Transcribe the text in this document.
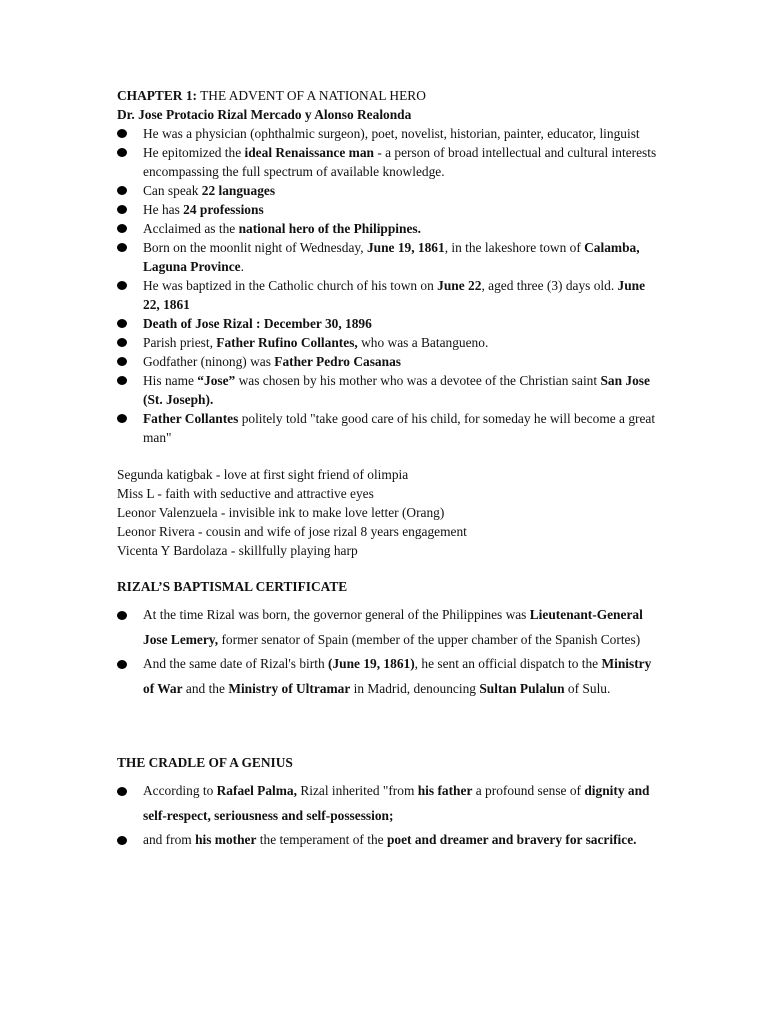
CHAPTER 1: THE ADVENT OF A NATIONAL HERO

Dr. Jose Protacio Rizal Mercado y Alonso Realonda

He was a physician (ophthalmic surgeon), poet, novelist, historian, painter, educator, linguist
He epitomized the ideal Renaissance man - a person of broad intellectual and cultural interests encompassing the full spectrum of available knowledge.
Can speak 22 languages
He has 24 professions
Acclaimed as the national hero of the Philippines.
Born on the moonlit night of Wednesday, June 19, 1861, in the lakeshore town of Calamba, Laguna Province.
He was baptized in the Catholic church of his town on June 22, aged three (3) days old. June 22, 1861
Death of Jose Rizal : December 30, 1896
Parish priest, Father Rufino Collantes, who was a Batangueno.
Godfather (ninong) was Father Pedro Casanas
His name “Jose” was chosen by his mother who was a devotee of the Christian saint San Jose (St. Joseph).
Father Collantes politely told "take good care of his child, for someday he will become a great man"

Segunda katigbak - love at first sight friend of olimpia

Miss L - faith with seductive and attractive eyes

Leonor Valenzuela - invisible ink to make love letter (Orang)

Leonor Rivera - cousin and wife of jose rizal 8 years engagement

Vicenta Y Bardolaza - skillfully playing harp

RIZAL’S BAPTISMAL CERTIFICATE

At the time Rizal was born, the governor general of the Philippines was Lieutenant-General Jose Lemery, former senator of Spain (member of the upper chamber of the Spanish Cortes)
And the same date of Rizal's birth (June 19, 1861), he sent an official dispatch to the Ministry of War and the Ministry of Ultramar in Madrid, denouncing Sultan Pulalun of Sulu.

THE CRADLE OF A GENIUS

According to Rafael Palma, Rizal inherited "from his father a profound sense of dignity and self-respect, seriousness and self-possession;
and from his mother the temperament of the poet and dreamer and bravery for sacrifice.
